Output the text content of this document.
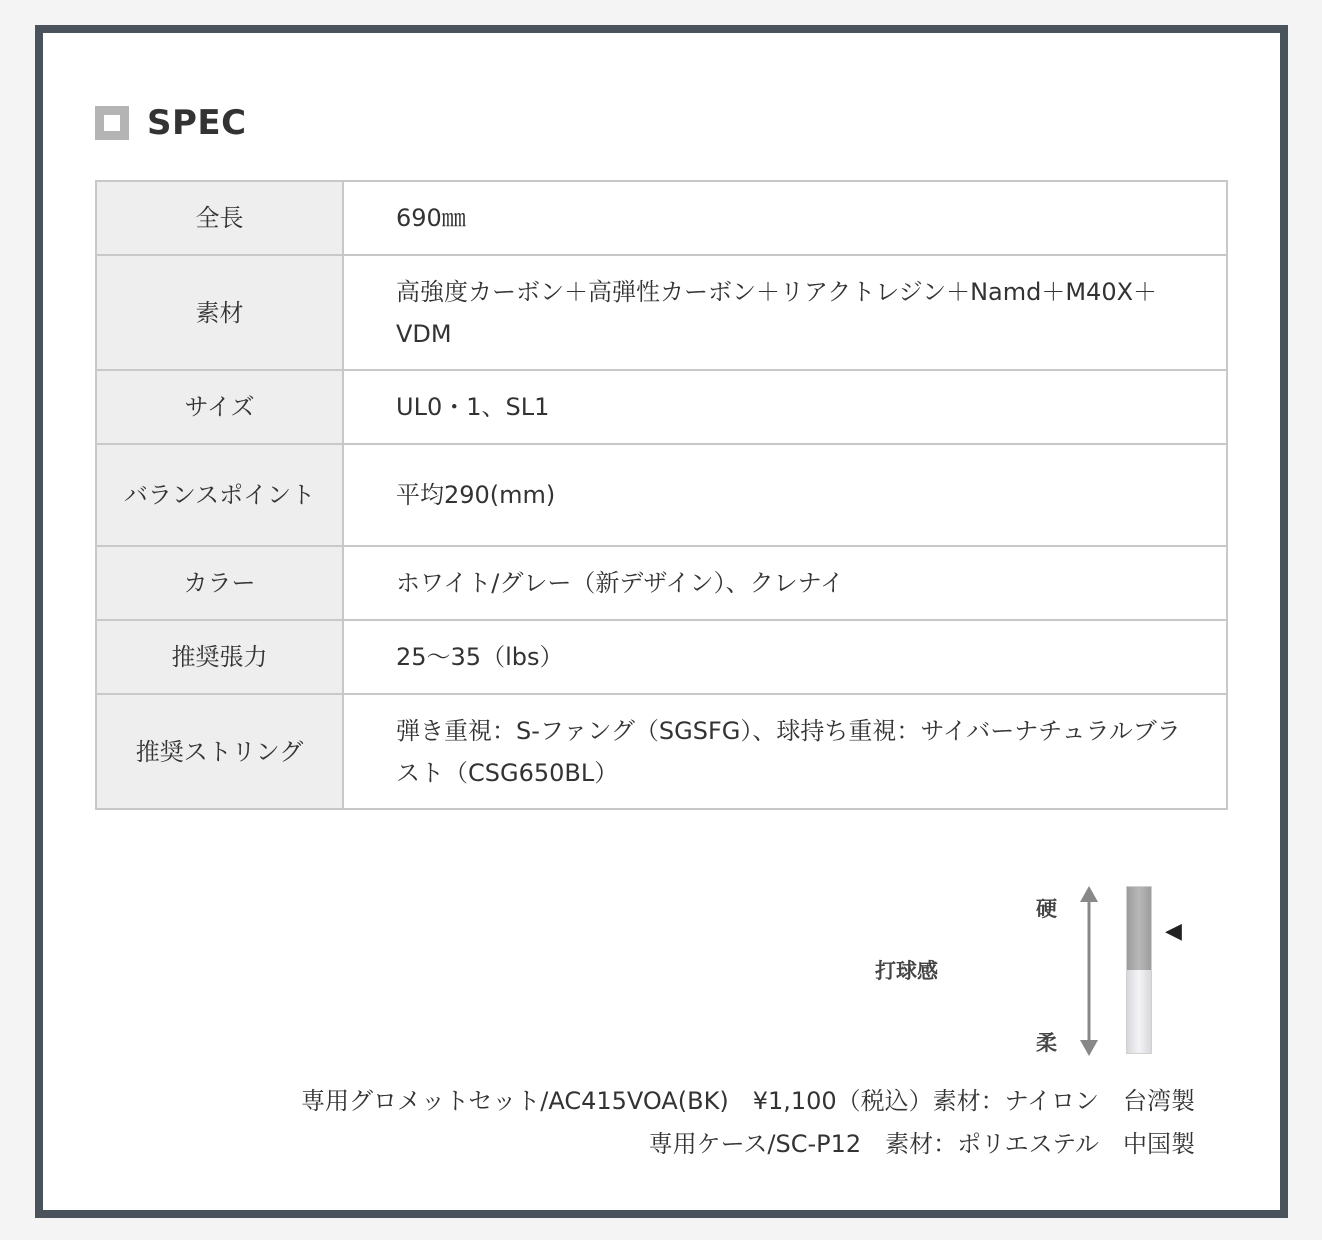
SPEC
全長	690㎜
素材	高強度カーボン＋高弾性カーボン＋リアクトレジン＋Namd＋M40X＋VDM
サイズ	UL0・1、SL1
バランスポイント	平均290(mm)
カラー	ホワイト/グレー（新デザイン）、クレナイ
推奨張力	25〜35（lbs）
推奨ストリング	弾き重視：S-ファング（SGSFG）、球持ち重視：サイバーナチュラルブラスト（CSG650BL）
打球感
硬
柔
◀
専用グロメットセット/AC415VOA(BK)　¥1,100（税込）素材：ナイロン　台湾製
専用ケース/SC-P12　素材：ポリエステル　中国製
